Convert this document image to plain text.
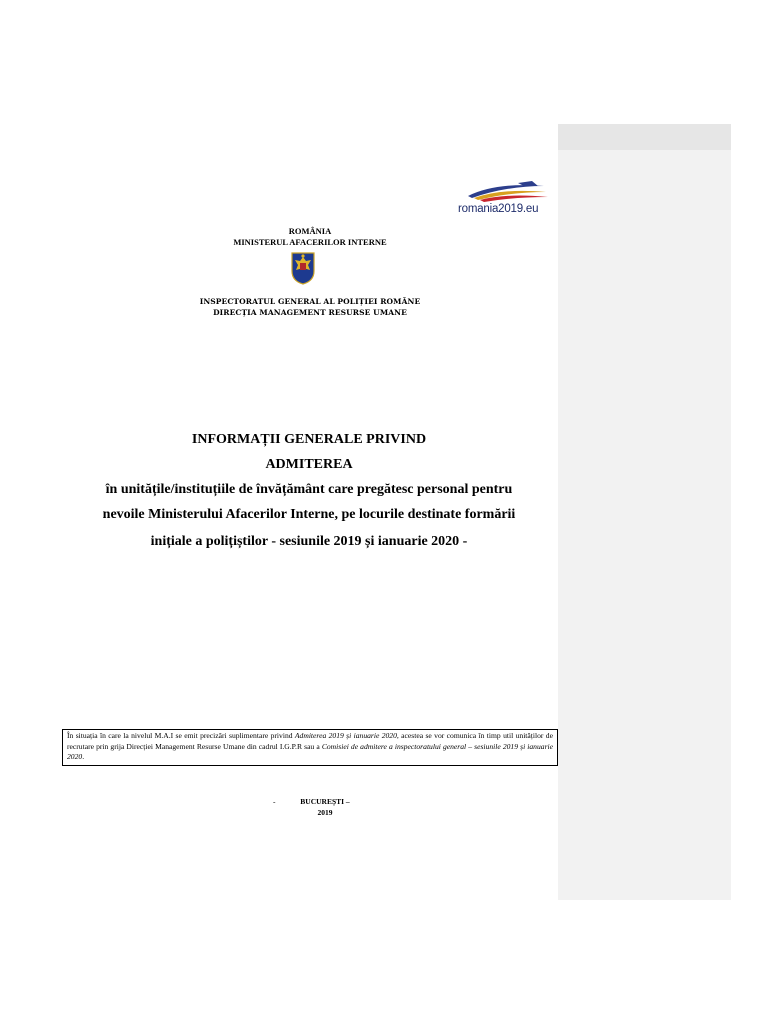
romania2019.eu
ROMÂNIA
MINISTERUL AFACERILOR INTERNE
INSPECTORATUL GENERAL AL POLIȚIEI ROMÂNE
DIRECȚIA MANAGEMENT RESURSE UMANE
INFORMAȚII GENERALE PRIVIND
ADMITEREA
în unitățile/instituțiile de învățământ care pregătesc personal pentru
nevoile Ministerului Afacerilor Interne, pe locurile destinate formării
inițiale a polițiștilor - sesiunile 2019 și ianuarie 2020 -
În situația în care la nivelul M.A.I se emit precizări suplimentare privind Admiterea 2019 și ianuarie 2020, acestea se vor comunica în timp util unităților de recrutare prin grija Direcției Management Resurse Umane din cadrul I.G.P.R sau a Comisiei de admitere a inspectoratului general – sesiunile 2019 și ianuarie 2020.
-	BUCUREȘTI –
2019
